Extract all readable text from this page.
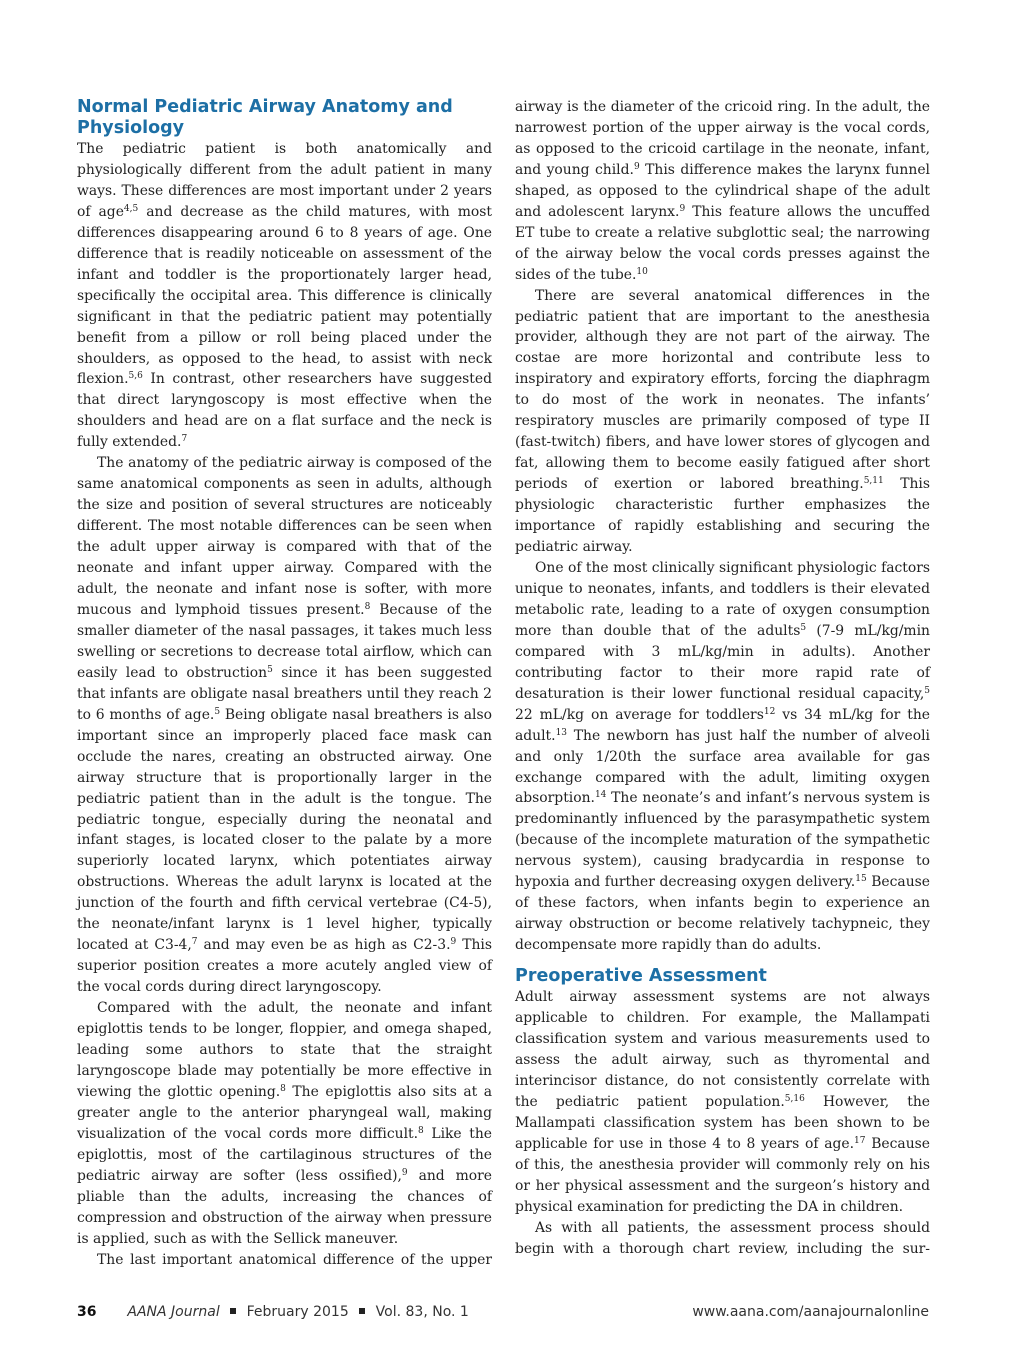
Normal Pediatric Airway Anatomy and Physiology

The pediatric patient is both anatomically and physiologically different from the adult patient in many ways. These differences are most important under 2 years of age$^{4,5}$ and decrease as the child matures, with most differences disappearing around 6 to 8 years of age. One difference that is readily noticeable on assessment of the infant and toddler is the proportionately larger head, specifically the occipital area. This difference is clinically significant in that the pediatric patient may potentially benefit from a pillow or roll being placed under the shoulders, as opposed to the head, to assist with neck flexion.$^{5,6}$ In contrast, other researchers have suggested that direct laryngoscopy is most effective when the shoulders and head are on a flat surface and the neck is fully extended.$^7$

The anatomy of the pediatric airway is composed of the same anatomical components as seen in adults, although the size and position of several structures are noticeably different. The most notable differences can be seen when the adult upper airway is compared with that of the neonate and infant upper airway. Compared with the adult, the neonate and infant nose is softer, with more mucous and lymphoid tissues present.$^8$ Because of the smaller diameter of the nasal passages, it takes much less swelling or secretions to decrease total airflow, which can easily lead to obstruction$^5$ since it has been suggested that infants are obligate nasal breathers until they reach 2 to 6 months of age.$^5$ Being obligate nasal breathers is also important since an improperly placed face mask can occlude the nares, creating an obstructed airway. One airway structure that is proportionally larger in the pediatric patient than in the adult is the tongue. The pediatric tongue, especially during the neonatal and infant stages, is located closer to the palate by a more superiorly located larynx, which potentiates airway obstructions. Whereas the adult larynx is located at the junction of the fourth and fifth cervical vertebrae (C4-5), the neonate/infant larynx is 1 level higher, typically located at C3-4,$^7$ and may even be as high as C2-3.$^9$ This superior position creates a more acutely angled view of the vocal cords during direct laryngoscopy.

Compared with the adult, the neonate and infant epiglottis tends to be longer, floppier, and omega shaped, leading some authors to state that the straight laryngoscope blade may potentially be more effective in viewing the glottic opening.$^8$ The epiglottis also sits at a greater angle to the anterior pharyngeal wall, making visualization of the vocal cords more difficult.$^8$ Like the epiglottis, most of the cartilaginous structures of the pediatric airway are softer (less ossified),$^9$ and more pliable than the adults, increasing the chances of compression and obstruction of the airway when pressure is applied, such as with the Sellick maneuver.

The last important anatomical difference of the upper

airway is the diameter of the cricoid ring. In the adult, the narrowest portion of the upper airway is the vocal cords, as opposed to the cricoid cartilage in the neonate, infant, and young child.$^9$ This difference makes the larynx funnel shaped, as opposed to the cylindrical shape of the adult and adolescent larynx.$^9$ This feature allows the uncuffed ET tube to create a relative subglottic seal; the narrowing of the airway below the vocal cords presses against the sides of the tube.$^{10}$

There are several anatomical differences in the pediatric patient that are important to the anesthesia provider, although they are not part of the airway. The costae are more horizontal and contribute less to inspiratory and expiratory efforts, forcing the diaphragm to do most of the work in neonates. The infants’ respiratory muscles are primarily composed of type II (fast-twitch) fibers, and have lower stores of glycogen and fat, allowing them to become easily fatigued after short periods of exertion or labored breathing.$^{5,11}$ This physiologic characteristic further emphasizes the importance of rapidly establishing and securing the pediatric airway.

One of the most clinically significant physiologic factors unique to neonates, infants, and toddlers is their elevated metabolic rate, leading to a rate of oxygen consumption more than double that of the adults$^5$ (7-9 mL/kg/min compared with 3 mL/kg/min in adults). Another contributing factor to their more rapid rate of desaturation is their lower functional residual capacity,$^5$ 22 mL/kg on average for toddlers$^{12}$ vs 34 mL/kg for the adult.$^{13}$ The newborn has just half the number of alveoli and only 1/20th the surface area available for gas exchange compared with the adult, limiting oxygen absorption.$^{14}$ The neonate’s and infant’s nervous system is predominantly influenced by the parasympathetic system (because of the incomplete maturation of the sympathetic nervous system), causing bradycardia in response to hypoxia and further decreasing oxygen delivery.$^{15}$ Because of these factors, when infants begin to experience an airway obstruction or become relatively tachypneic, they decompensate more rapidly than do adults.

Preoperative Assessment

Adult airway assessment systems are not always applicable to children. For example, the Mallampati classification system and various measurements used to assess the adult airway, such as thyromental and interincisor distance, do not consistently correlate with the pediatric patient population.$^{5,16}$ However, the Mallampati classification system has been shown to be applicable for use in those 4 to 8 years of age.$^{17}$ Because of this, the anesthesia provider will commonly rely on his or her physical assessment and the surgeon’s history and physical examination for predicting the DA in children.

As with all patients, the assessment process should begin with a thorough chart review, including the sur-

36 AANA Journal February 2015 Vol. 83, No. 1	www.aana.com/aanajournalonline
